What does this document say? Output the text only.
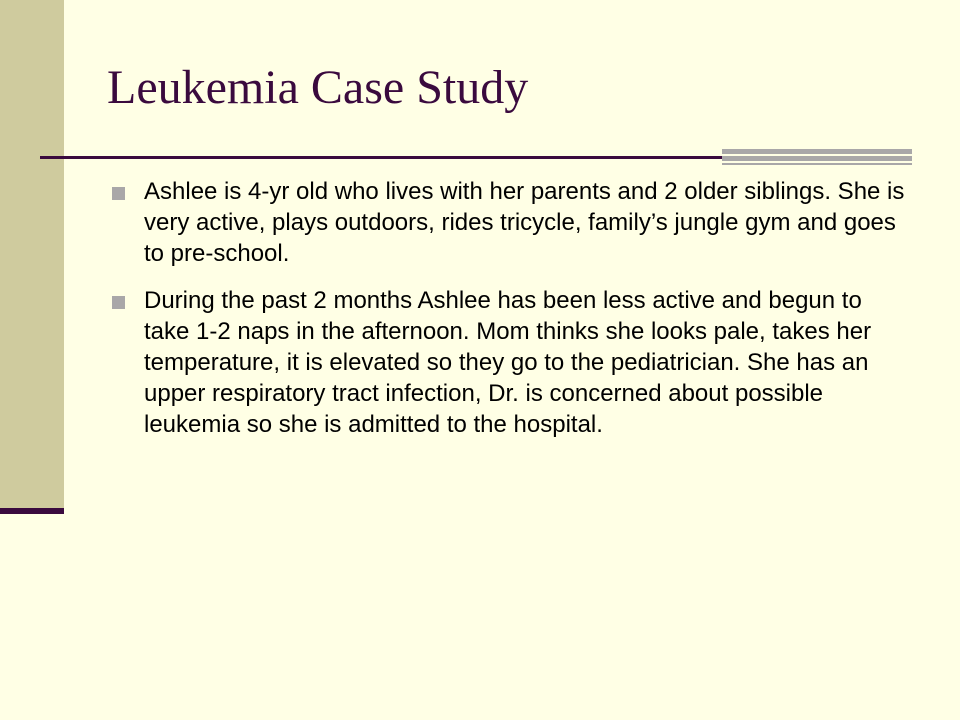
Leukemia Case Study
Ashlee is 4-yr old who lives with her parents and 2 older siblings. She is very active, plays outdoors, rides tricycle, family’s jungle gym and goes to pre-school.
During the past 2 months Ashlee has been less active and begun to take 1-2 naps in the afternoon. Mom thinks she looks pale, takes her temperature, it is elevated so they go to the pediatrician. She has an upper respiratory tract infection, Dr. is concerned about possible leukemia so she is admitted to the hospital.
